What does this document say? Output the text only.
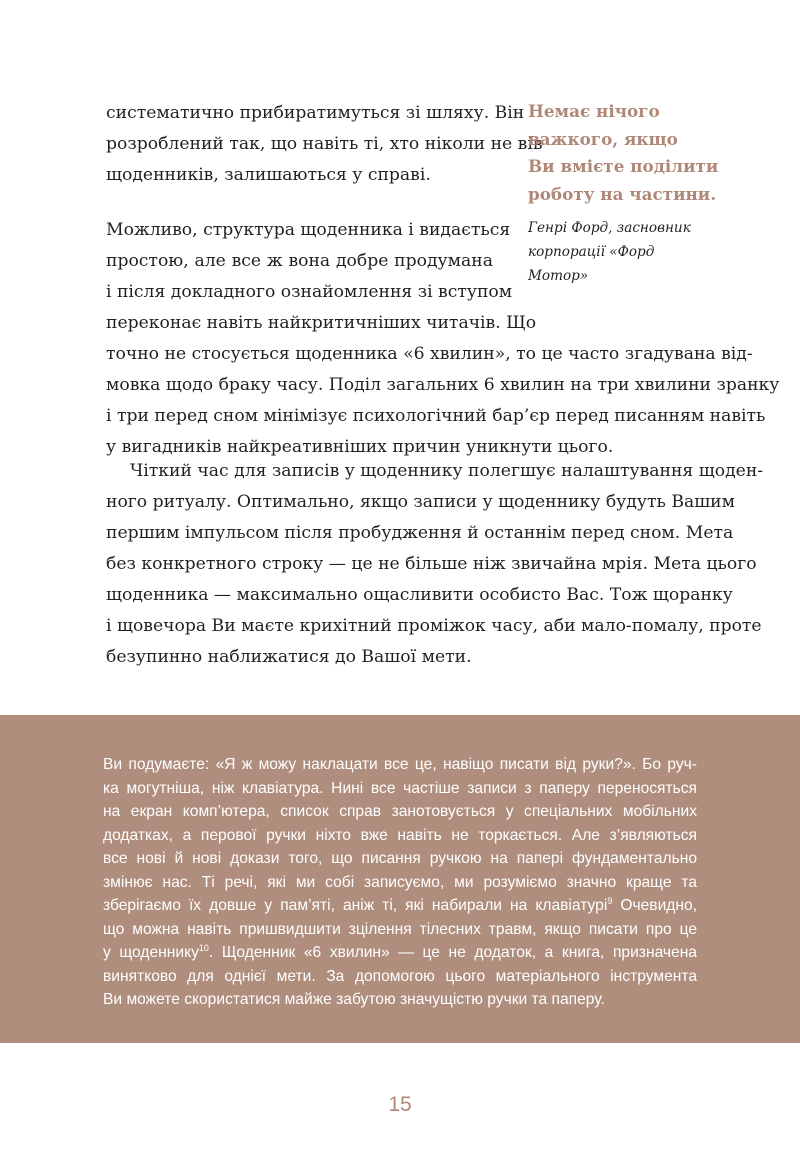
систематично прибиратимуться зі шляху. Він
розроблений так, що навіть ті, хто ніколи не вів
щоденників, залишаються у справі.
Можливо, структура щоденника і видається
простою, але все ж вона добре продумана
і після докладного ознайомлення зі вступом
переконає навіть найкритичніших читачів. Що
точно не стосується щоденника «6 хвилин», то це часто згадувана від-
мовка щодо браку часу. Поділ загальних 6 хвилин на три хвилини зранку
і три перед сном мінімізує психологічний бар’єр перед писанням навіть
у вигадників найкреативніших причин уникнути цього.
Чіткий час для записів у щоденнику полегшує налаштування щоден-
ного ритуалу. Оптимально, якщо записи у щоденнику будуть Вашим
першим імпульсом після пробудження й останнім перед сном. Мета
без конкретного строку — це не більше ніж звичайна мрія. Мета цього
щоденника — максимально ощасливити особисто Вас. Тож щоранку
і щовечора Ви маєте крихітний проміжок часу, аби мало-помалу, проте
безупинно наближатися до Вашої мети.
Немає нічого
важкого, якщо
Ви вмієте поділити
роботу на частини.
Генрі Форд, засновник
корпорації «Форд
Мотор»
Ви подумаєте: «Я ж можу наклацати все це, навіщо писати від руки?». Бо руч-
ка могутніша, ніж клавіатура. Нині все частіше записи з паперу переносяться
на екран комп’ютера, список справ занотовується у спеціальних мобільних
додатках, а перової ручки ніхто вже навіть не торкається. Але з’являються
все нові й нові докази того, що писання ручкою на папері фундаментально
змінює нас. Ті речі, які ми собі записуємо, ми розуміємо значно краще та
зберігаємо їх довше у пам’яті, аніж ті, які набирали на клавіатурі$^9$ Очевидно,
що можна навіть пришвидшити зцілення тілесних травм, якщо писати про це
у щоденнику$^{10}$. Щоденник «6 хвилин» — це не додаток, а книга, призначена
винятково для однієї мети. За допомогою цього матеріального інструмента
Ви можете скористатися майже забутою значущістю ручки та паперу.
15
